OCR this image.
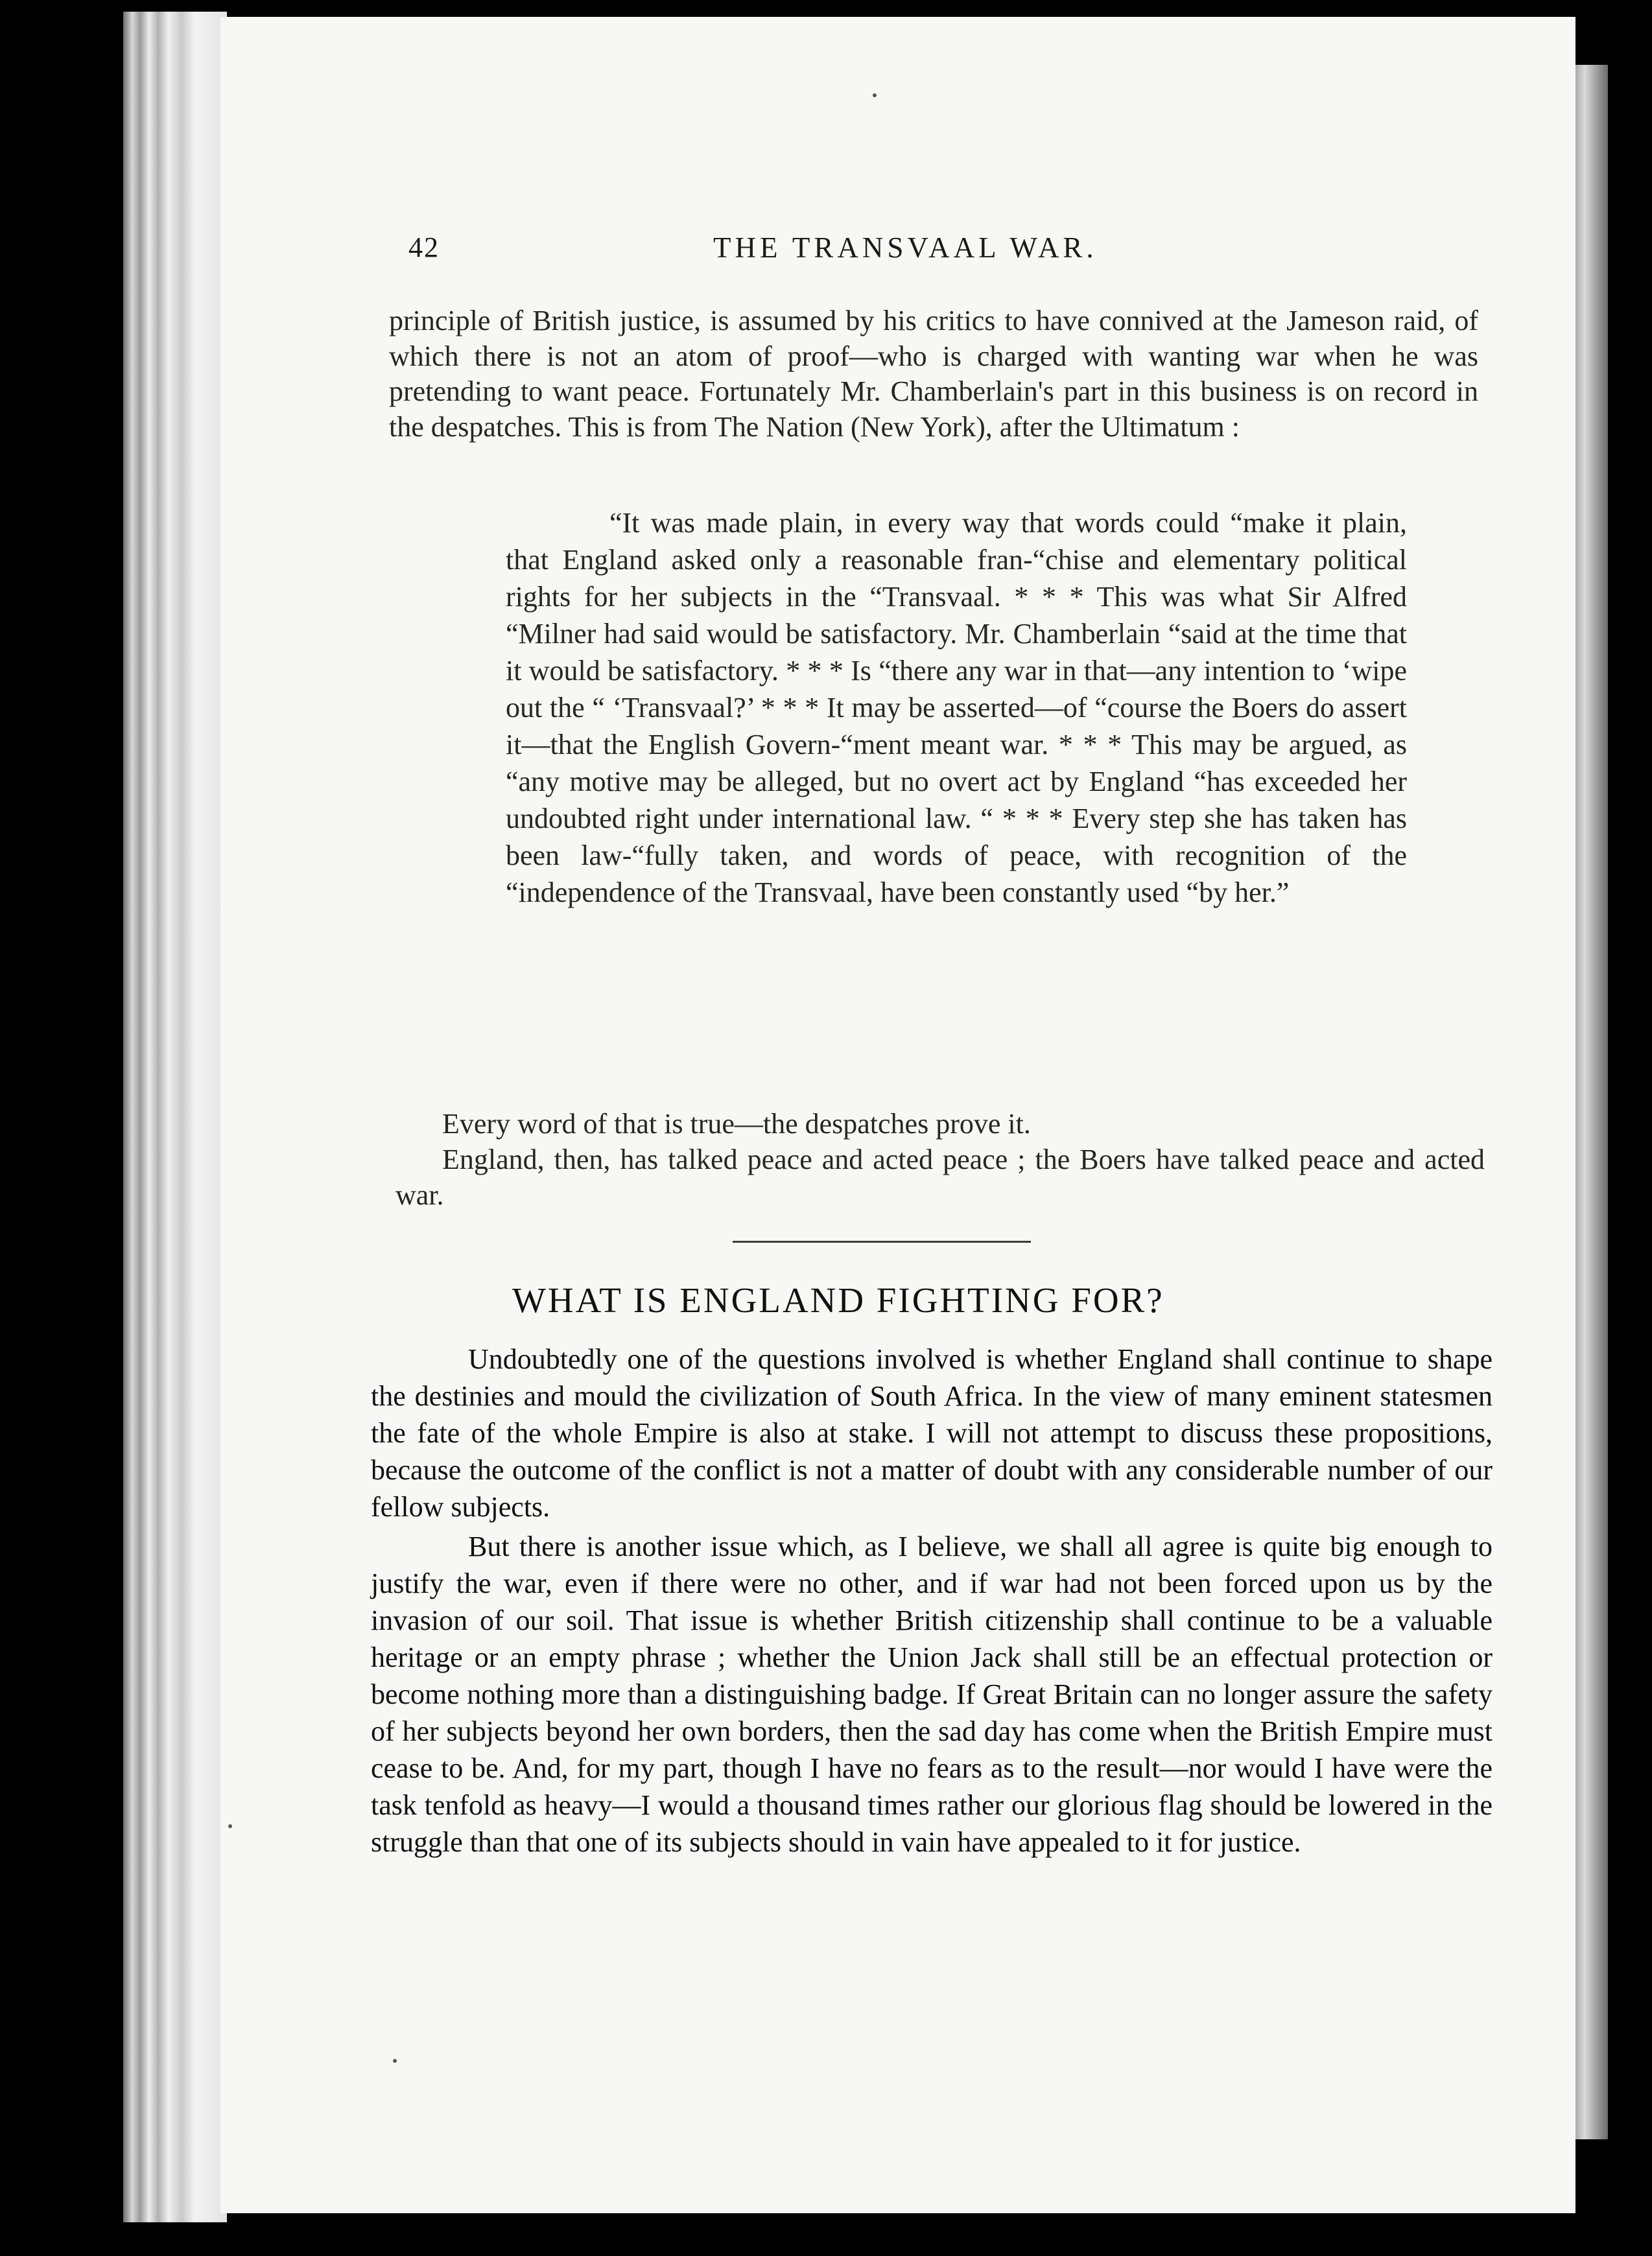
42	THE TRANSVAAL WAR.

principle of British justice, is assumed by his critics to have connived at the Jameson raid, of which there is not an atom of proof—who is charged with wanting war when he was pretending to want peace. Fortunately Mr. Chamberlain's part in this business is on record in the despatches. This is from The Nation (New York), after the Ultimatum :

“It was made plain, in every way that words could “make it plain, that England asked only a reasonable fran-“chise and elementary political rights for her subjects in the “Transvaal. * * * This was what Sir Alfred “Milner had said would be satisfactory. Mr. Chamberlain “said at the time that it would be satisfactory. * * * Is “there any war in that—any intention to ‘wipe out the “ ‘Transvaal?’ * * * It may be asserted—of “course the Boers do assert it—that the English Govern-“ment meant war. * * * This may be argued, as “any motive may be alleged, but no overt act by England “has exceeded her undoubted right under international law. “ * * * Every step she has taken has been law-“fully taken, and words of peace, with recognition of the “independence of the Transvaal, have been constantly used “by her.”

Every word of that is true—the despatches prove it.

England, then, has talked peace and acted peace ; the Boers have talked peace and acted war.

WHAT IS ENGLAND FIGHTING FOR?

Undoubtedly one of the questions involved is whether England shall continue to shape the destinies and mould the civilization of South Africa. In the view of many eminent statesmen the fate of the whole Empire is also at stake. I will not attempt to discuss these propositions, because the outcome of the conflict is not a matter of doubt with any considerable number of our fellow subjects.

But there is another issue which, as I believe, we shall all agree is quite big enough to justify the war, even if there were no other, and if war had not been forced upon us by the invasion of our soil. That issue is whether British citizenship shall continue to be a valuable heritage or an empty phrase ; whether the Union Jack shall still be an effectual protection or become nothing more than a distinguishing badge. If Great Britain can no longer assure the safety of her subjects beyond her own borders, then the sad day has come when the British Empire must cease to be. And, for my part, though I have no fears as to the result—nor would I have were the task tenfold as heavy—I would a thousand times rather our glorious flag should be lowered in the struggle than that one of its subjects should in vain have appealed to it for justice.
